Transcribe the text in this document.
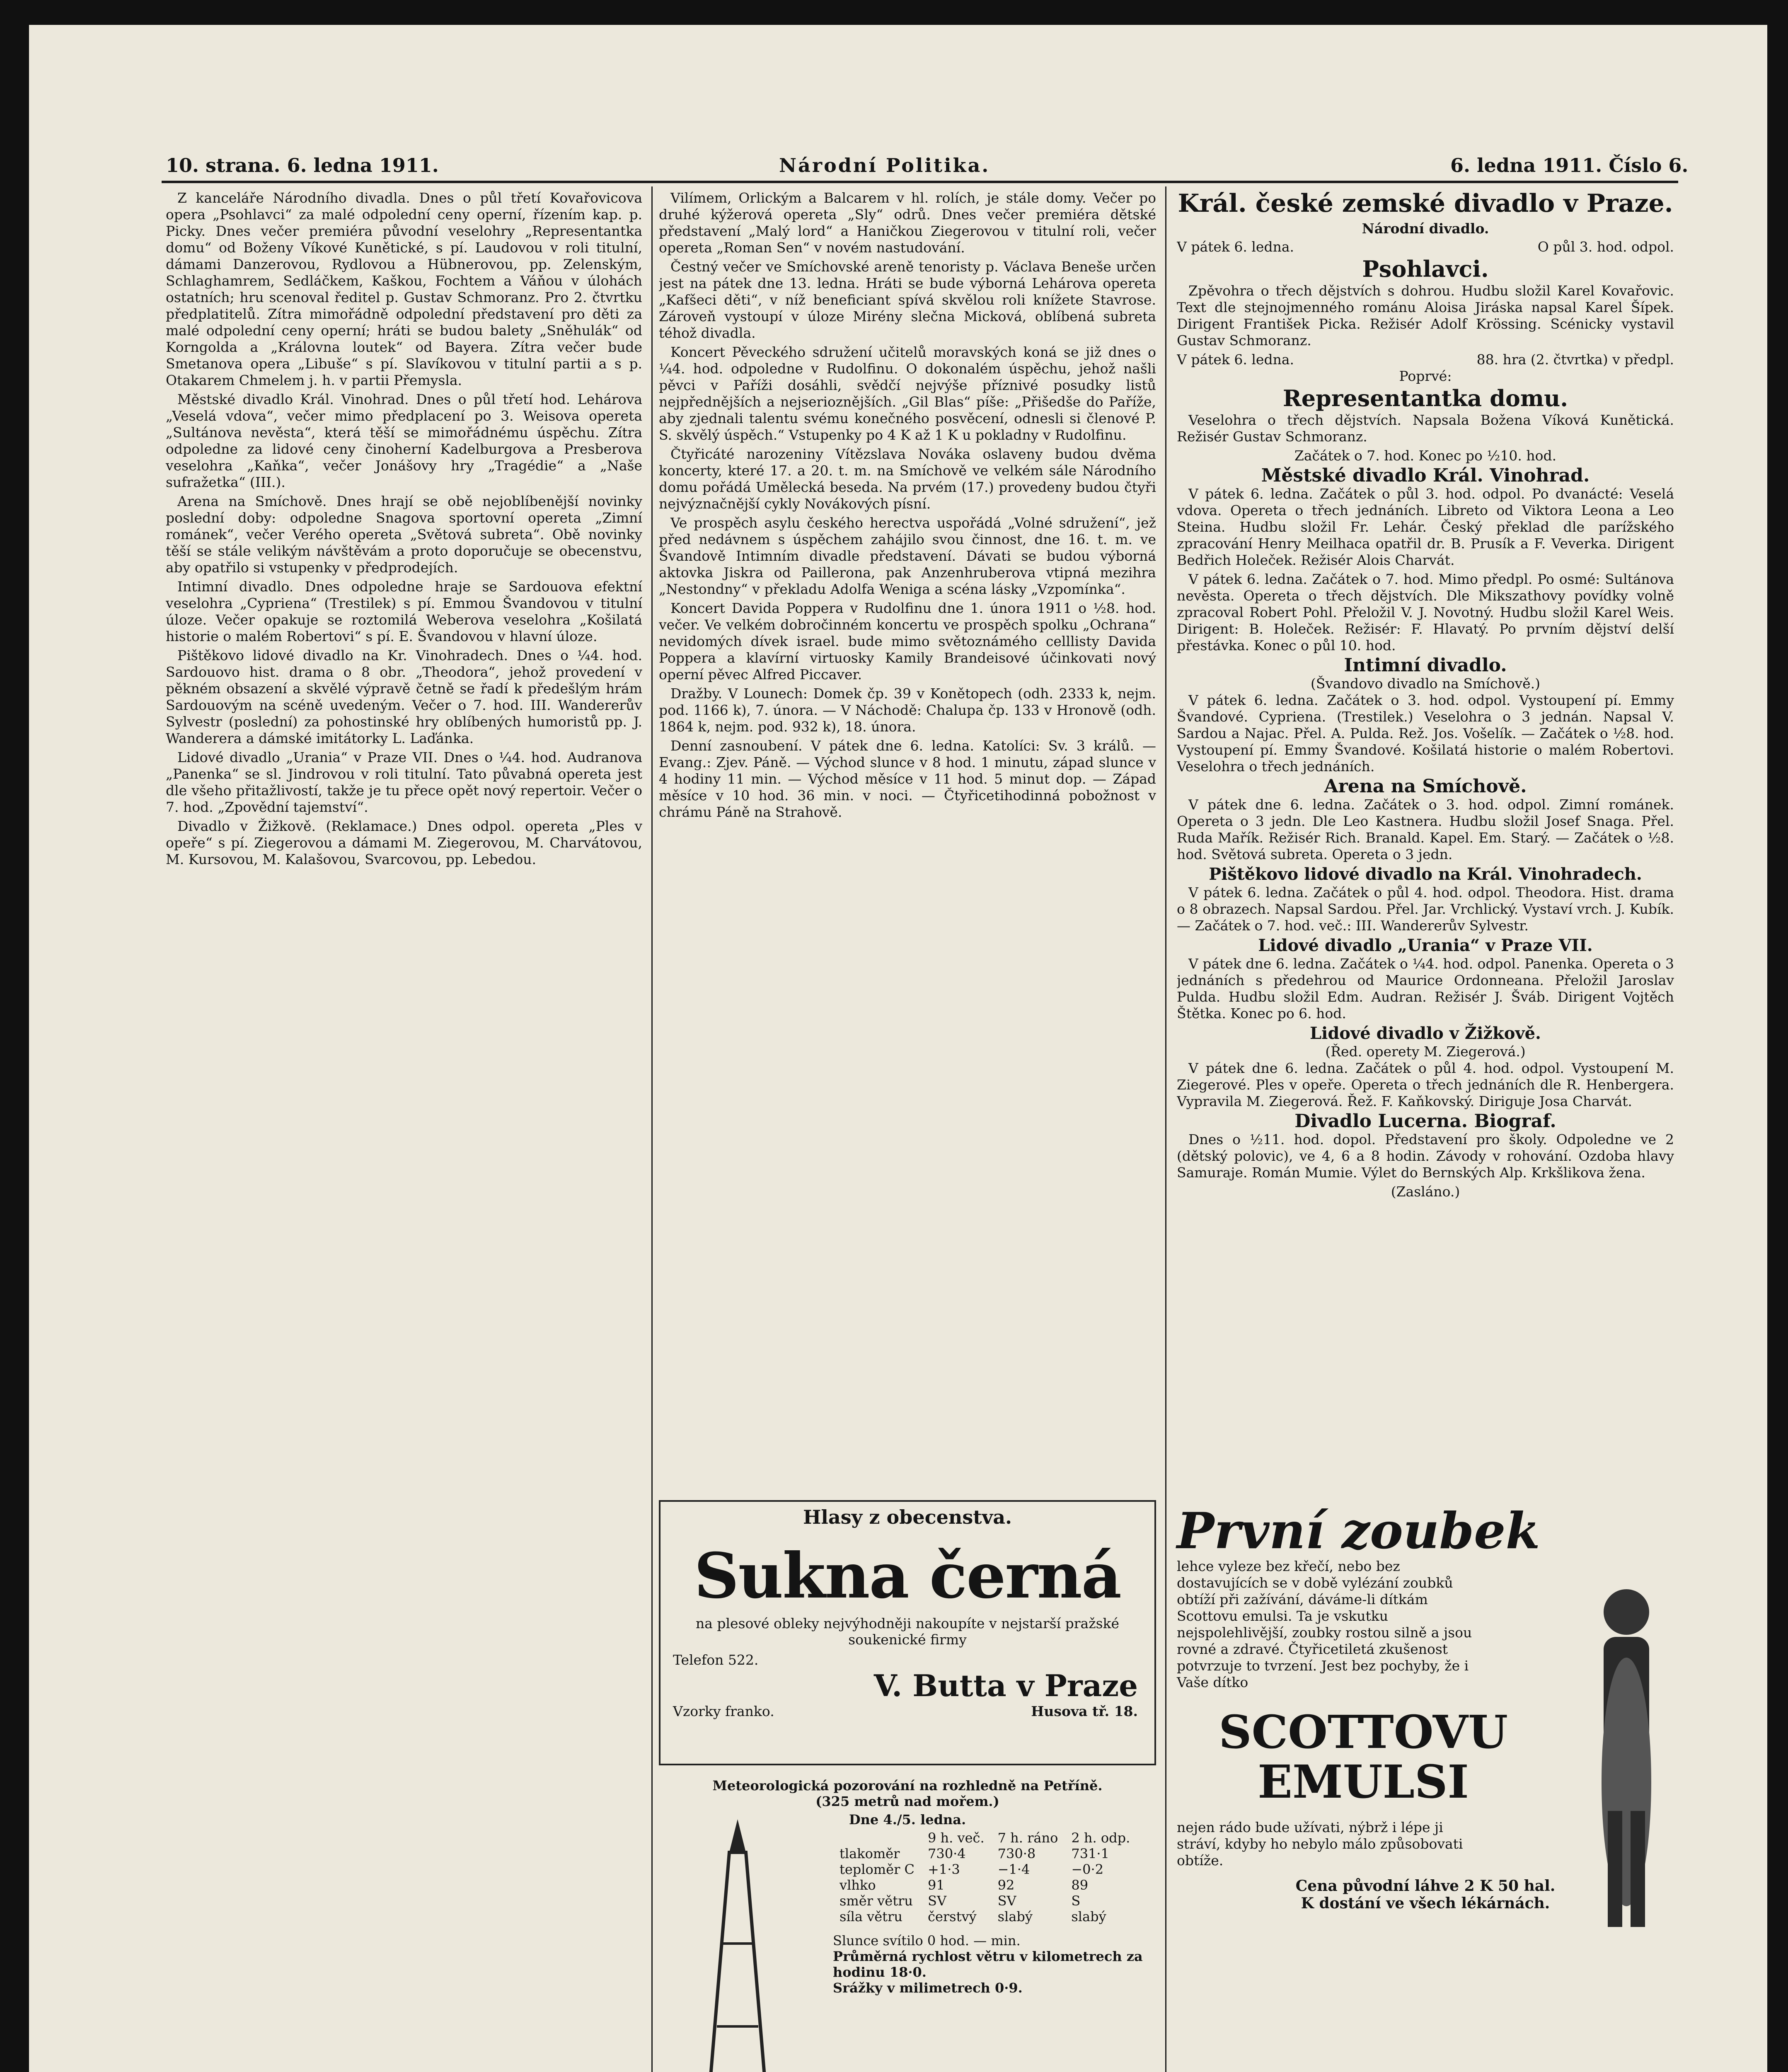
10. strana. 6. ledna 1911.	Národní Politika.	6. ledna 1911. Číslo 6.

Z kanceláře Národního divadla. Dnes o půl třetí Kovařovicova opera „Psohlavci“ za malé odpolední ceny operní, řízením kap. p. Picky. Dnes večer premiéra původní veselohry „Representantka domu“ od Boženy Víkové Kunětické, s pí. Laudovou v roli titulní, dámami Danzerovou, Rydlovou a Hübnerovou, pp. Zelenským, Schlaghamrem, Sedláčkem, Kaškou, Fochtem a Váňou v úlohách ostatních; hru scenoval ředitel p. Gustav Schmoranz. Pro 2. čtvrtku předplatitelů. Zítra mimořádně odpolední představení pro děti za malé odpolední ceny operní; hráti se budou balety „Sněhulák“ od Korngolda a „Královna loutek“ od Bayera. Zítra večer bude Smetanova opera „Libuše“ s pí. Slavíkovou v titulní partii a s p. Otakarem Chmelem j. h. v partii Přemysla.

Městské divadlo Král. Vinohrad. Dnes o půl třetí hod. Lehárova „Veselá vdova“, večer mimo předplacení po 3. Weisova opereta „Sultánova nevěsta“, která těší se mimořádnému úspěchu. Zítra odpoledne za lidové ceny činoherní Kadelburgova a Presberova veselohra „Kaňka“, večer Jonášovy hry „Tragédie“ a „Naše sufražetka“ (III.).

Arena na Smíchově. Dnes hrají se obě nejoblíbenější novinky poslední doby: odpoledne Snagova sportovní opereta „Zimní románek“, večer Verého opereta „Světová subreta“. Obě novinky těší se stále velikým návštěvám a proto doporučuje se obecenstvu, aby opatřilo si vstupenky v předprodejích.

Intimní divadlo. Dnes odpoledne hraje se Sardouova efektní veselohra „Cypriena“ (Trestilek) s pí. Emmou Švandovou v titulní úloze. Večer opakuje se roztomilá Weberova veselohra „Košilatá historie o malém Robertovi“ s pí. E. Švandovou v hlavní úloze.

Pištěkovo lidové divadlo na Kr. Vinohradech. Dnes o ¼4. hod. Sardouovo hist. drama o 8 obr. „Theodora“, jehož provedení v pěkném obsazení a skvělé výpravě četně se řadí k předešlým hrám Sardouovým na scéně uvedeným. Večer o 7. hod. III. Wandererův Sylvestr (poslední) za pohostinské hry oblíbených humoristů pp. J. Wanderera a dámské imitátorky L. Laďánka.

Lidové divadlo „Urania“ v Praze VII. Dnes o ¼4. hod. Audranova „Panenka“ se sl. Jindrovou v roli titulní. Tato půvabná opereta jest dle všeho přitažlivostí, takže je tu přece opět nový repertoir. Večer o 7. hod. „Zpovědní tajemství“.

Divadlo v Žižkově. (Reklamace.) Dnes odpol. opereta „Ples v opeře“ s pí. Ziegerovou a dámami M. Ziegerovou, M. Charvátovou, M. Kursovou, M. Kalašovou, Svarcovou, pp. Lebedou.

Vilímem, Orlickým a Balcarem v hl. rolích, je stále domy. Večer po druhé kýžerová opereta „Sly“ odrů. Dnes večer premiéra dětské představení „Malý lord“ a Haničkou Ziegerovou v titulní roli, večer opereta „Roman Sen“ v novém nastudování.

Čestný večer ve Smíchovské areně tenoristy p. Václava Beneše určen jest na pátek dne 13. ledna. Hráti se bude výborná Lehárova opereta „Kafšeci děti“, v níž beneficiant spívá skvělou roli knížete Stavrose. Zároveň vystoupí v úloze Mirény slečna Micková, oblíbená subreta téhož divadla.

Koncert Pěveckého sdružení učitelů moravských koná se již dnes o ¼4. hod. odpoledne v Rudolfinu. O dokonalém úspěchu, jehož našli pěvci v Paříži dosáhli, svědčí nejvýše příznivé posudky listů nejpřednějších a nejserioznějších. „Gil Blas“ píše: „Přišedše do Paříže, aby zjednali talentu svému konečného posvěcení, odnesli si členové P. S. skvělý úspěch.“ Vstupenky po 4 K až 1 K u pokladny v Rudolfinu.

Čtyřicáté narozeniny Vítězslava Nováka oslaveny budou dvěma koncerty, které 17. a 20. t. m. na Smíchově ve velkém sále Národního domu pořádá Umělecká beseda. Na prvém (17.) provedeny budou čtyři nejvýznačnější cykly Novákových písní.

Ve prospěch asylu českého herectva uspořádá „Volné sdružení“, jež před nedávnem s úspěchem zahájilo svou činnost, dne 16. t. m. ve Švandově Intimním divadle představení. Dávati se budou výborná aktovka Jiskra od Pailleronа, pak Anzenhruberova vtipná mezihra „Nestondny“ v překladu Adolfa Weniga a scéna lásky „Vzpomínka“.

Koncert Davida Poppera v Rudolfinu dne 1. února 1911 o ½8. hod. večer. Ve velkém dobročinném koncertu ve prospěch spolku „Ochrana“ nevidomých dívek israel. bude mimo světoznámého celllisty Davida Poppera a klavírní virtuosky Kamily Brandeisové účinkovati nový operní pěvec Alfred Piccaver.

Dražby. V Lounech: Domek čp. 39 v Konětopech (odh. 2333 k, nejm. pod. 1166 k), 7. února. — V Náchodě: Chalupa čp. 133 v Hronově (odh. 1864 k, nejm. pod. 932 k), 18. února.

Denní zasnoubení. V pátek dne 6. ledna. Katolíci: Sv. 3 králů. — Evang.: Zjev. Páně. — Východ slunce v 8 hod. 1 minutu, západ slunce v 4 hodiny 11 min. — Východ měsíce v 11 hod. 5 minut dop. — Západ měsíce v 10 hod. 36 min. v noci. — Čtyřicetihodinná pobožnost v chrámu Páně na Strahově.

Hlasy z obecenstva.
Sukna černá
na plesové obleky nejvýhodněji nakoupíte v nejstarší pražské soukenické firmy
Telefon 522.
V. Butta v Praze
Vzorky franko.	Husova tř. 18.
Meteorologická pozorování na rozhledně na Petříně.
(325 metrů nad mořem.)
Dne 4./5. ledna.
	9 h. več.	7 h. ráno	2 h. odp.
tlakoměr	730·4	730·8	731·1
teploměr C	+1·3	−1·4	−0·2
vlhko	91	92	89
směr větru	SV	SV	S
síla větru	čerstvý	slabý	slabý
Slunce svítilo 0 hod. — min.
Průměrná rychlost větru v kilometrech za hodinu 18·0.
Srážky v milimetrech 0·9.
Král. české zemské divadlo v Praze.
Národní divadlo.
V pátek 6. ledna.	O půl 3. hod. odpol.
Psohlavci.

Zpěvohra o třech dějstvích s dohrou. Hudbu složil Karel Kovařovic. Text dle stejnojmenného románu Aloisa Jiráska napsal Karel Šípek. Dirigent František Picka. Režisér Adolf Krössing. Scénicky vystavil Gustav Schmoranz.

V pátek 6. ledna.	88. hra (2. čtvrtka) v předpl.
Poprvé:
Representantka domu.

Veselohra o třech dějstvích. Napsala Božena Víková Kunětická. Režisér Gustav Schmoranz.

Začátek o 7. hod. Konec po ½10. hod.
Městské divadlo Král. Vinohrad.

V pátek 6. ledna. Začátek o půl 3. hod. odpol. Po dvanácté: Veselá vdova. Opereta o třech jednáních. Libreto od Viktora Leona a Leo Steina. Hudbu složil Fr. Lehár. Český překlad dle parížského zpracování Henry Meilhaca opatřil dr. B. Prusík a F. Veverka. Dirigent Bedřich Holeček. Režisér Alois Charvát.

V pátek 6. ledna. Začátek o 7. hod. Mimo předpl. Po osmé: Sultánova nevěsta. Opereta o třech dějstvích. Dle Mikszathovy povídky volně zpracoval Robert Pohl. Přeložil V. J. Novotný. Hudbu složil Karel Weis. Dirigent: B. Holeček. Režisér: F. Hlavatý. Po prvním dějství delší přestávka. Konec o půl 10. hod.

Intimní divadlo.
(Švandovo divadlo na Smíchově.)

V pátek 6. ledna. Začátek o 3. hod. odpol. Vystoupení pí. Emmy Švandové. Cypriena. (Trestilek.) Veselohra o 3 jednán. Napsal V. Sardou a Najac. Přel. A. Pulda. Rež. Jos. Vošelík. — Začátek o ½8. hod. Vystoupení pí. Emmy Švandové. Košilatá historie o malém Robertovi. Veselohra o třech jednáních.

Arena na Smíchově.

V pátek dne 6. ledna. Začátek o 3. hod. odpol. Zimní románek. Opereta o 3 jedn. Dle Leo Kastnera. Hudbu složil Josef Snaga. Přel. Ruda Mařík. Režisér Rich. Branald. Kapel. Em. Starý. — Začátek o ½8. hod. Světová subreta. Opereta o 3 jedn.

Pištěkovo lidové divadlo na Král. Vinohradech.

V pátek 6. ledna. Začátek o půl 4. hod. odpol. Theodora. Hist. drama o 8 obrazech. Napsal Sardou. Přel. Jar. Vrchlický. Vystaví vrch. J. Kubík. — Začátek o 7. hod. več.: III. Wandererův Sylvestr.

Lidové divadlo „Urania“ v Praze VII.

V pátek dne 6. ledna. Začátek o ¼4. hod. odpol. Panenka. Opereta o 3 jednáních s předehrou od Maurice Ordonneana. Přeložil Jaroslav Pulda. Hudbu složil Edm. Audran. Režisér J. Šváb. Dirigent Vojtěch Štětka. Konec po 6. hod.

Lidové divadlo v Žižkově.
(Řed. operety M. Ziegerová.)

V pátek dne 6. ledna. Začátek o půl 4. hod. odpol. Vystoupení M. Ziegerové. Ples v opeře. Opereta o třech jednáních dle R. Henbergera. Vypravila M. Ziegerová. Řež. F. Kaňkovský. Diriguje Josa Charvát.

Divadlo Lucerna. Biograf.

Dnes o ½11. hod. dopol. Představení pro školy. Odpoledne ve 2 (dětský polovic), ve 4, 6 a 8 hodin. Závody v rohování. Ozdoba hlavy Samuraje. Román Mumie. Výlet do Bernských Alp. Krkšlikova žena.

(Zasláno.)
První zoubek
lehce vyleze bez křečí, nebo bez dostavujících se v době vylézání zoubků obtíží při zažívání, dáváme-li dítkám Scottovu emulsi. Ta je vskutku nejspolehlivější, zoubky rostou silně a jsou rovné a zdravé. Čtyřicetiletá zkušenost potvrzuje to tvrzení. Jest bez pochyby, že i Vaše dítko
SCOTTOVU
EMULSI
nejen rádo bude užívati, nýbrž i lépe ji stráví, kdyby ho nebylo málo způsobovati obtíže.
Cena původní láhve 2 K 50 hal.
K dostání ve všech lékárnách.
